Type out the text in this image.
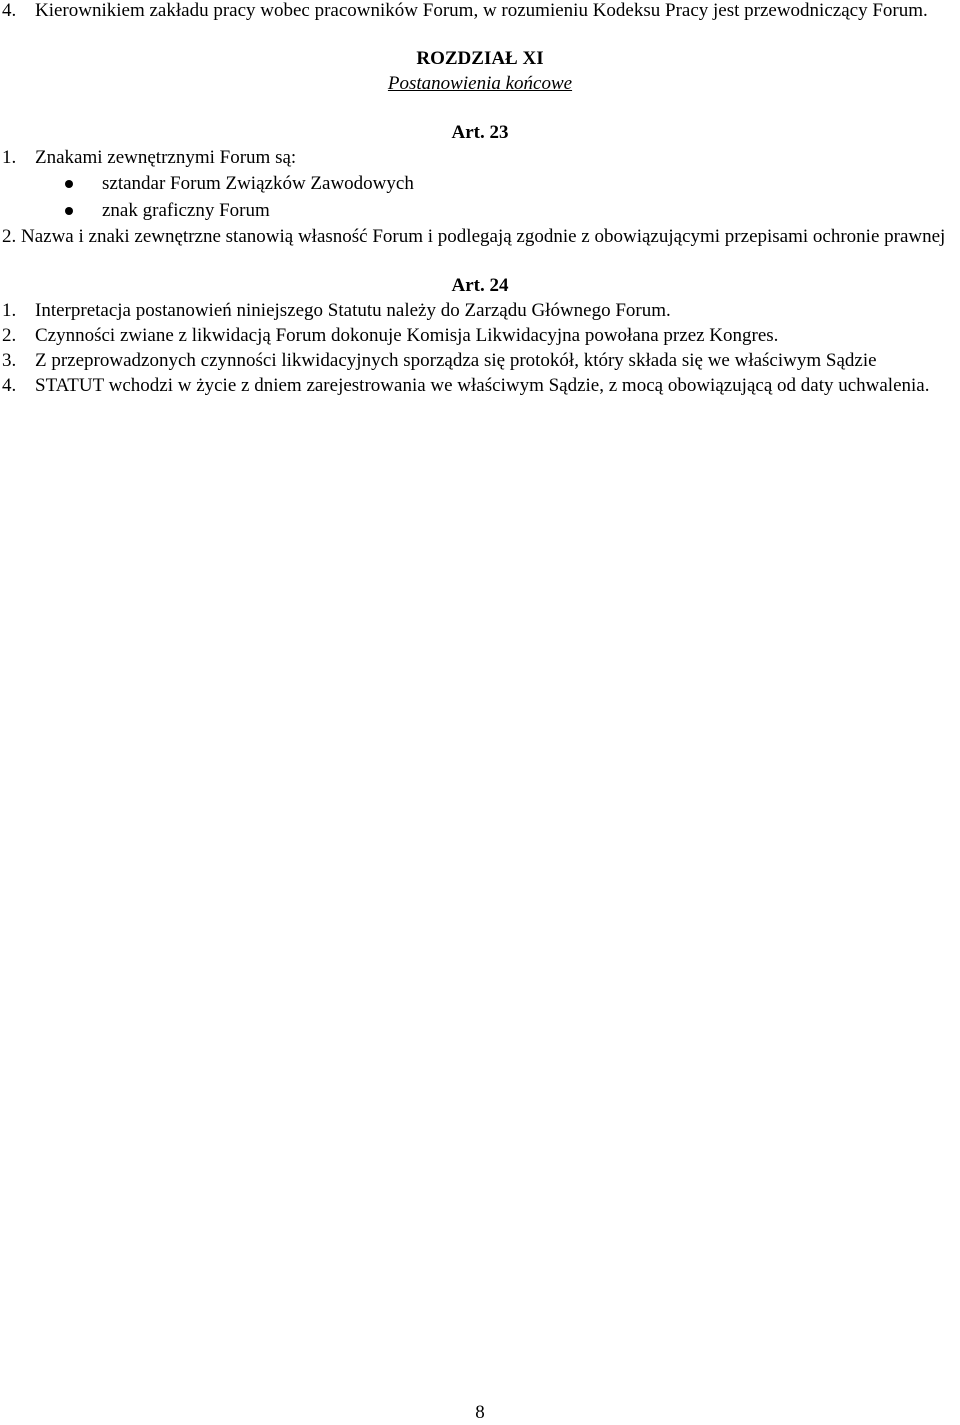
4. Kierownikiem zakładu pracy wobec pracowników Forum, w rozumieniu Kodeksu Pracy jest przewodniczący Forum.
ROZDZIAŁ XI
Postanowienia końcowe
Art. 23
1. Znakami zewnętrznymi Forum są:
sztandar Forum Związków Zawodowych
znak graficzny Forum
2. Nazwa i znaki zewnętrzne stanowią własność Forum i podlegają zgodnie z obowiązującymi przepisami ochronie prawnej
Art. 24
1. Interpretacja postanowień niniejszego Statutu należy do Zarządu Głównego Forum.
2. Czynności zwiane z likwidacją Forum dokonuje Komisja Likwidacyjna powołana przez Kongres.
3. Z przeprowadzonych czynności likwidacyjnych sporządza się protokół, który składa się we właściwym Sądzie
4. STATUT wchodzi w życie z dniem zarejestrowania we właściwym Sądzie, z mocą obowiązującą od daty uchwalenia.
8
